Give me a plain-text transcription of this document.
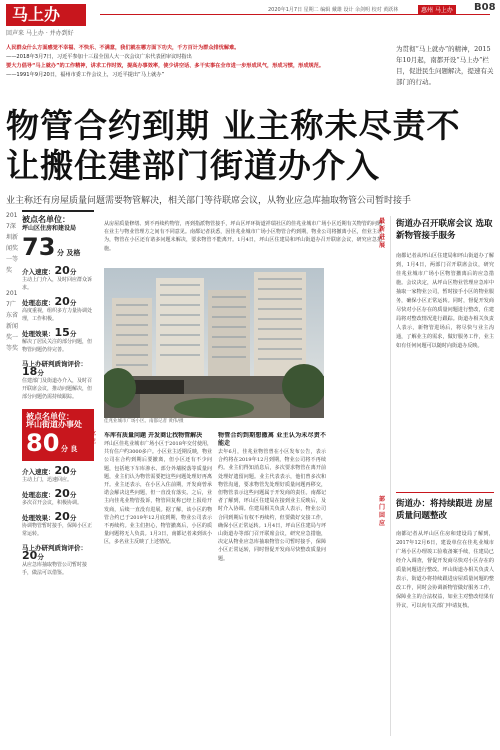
马上办
回声来 马上办 · 并办到好
2020年1月7日 星期二 编辑 戴雄 设计 余剑明 校对 黄跃林	惠州 马上办	B08
人民群众什么方面感觉不幸福、不快乐、不满意，我们就在哪方面下功夫，千方百计为群众排忧解难。
——2018年3月7日，习近平参加十三届全国人大一次会议广东代表团审议时指出
要大力倡导“马上就办”的工作精神，讲求工作时效，提高办事效率，使少讲空话、多干实事在全市进一步形成风气，形成习惯，形成规范。
——1991年9月20日，福州市委工作会议上，习近平提出“马上就办”
为贯彻“马上就办”的精神，2015年10月起，南都开设“马上办”栏目，促进民生问题解决，提速有关部门的行动。
物管合约到期 业主称未尽责不让搬住建部门街道办介入
业主称还有房屋质量问题需要物管解决，相关部门等待联席会议，从物业应急库抽取物管公司暂时接手
2017深圳新闻奖一等奖
2017广东省新闻奖一等奖
被点名单位：
坪山区住房和建设局
73 分 及格
介入速度：20分
主动上门介入，及时回应群众诉求。
处理态度：20分
高度重视，组织多方力量协调处理，工作积极。
处理效果：15分
解决了居民关注的部分问题，但物管问题仍待完善。
马上办研判质询评价：18分
住建部门及街道办介入，及时召开联席会议，推动问题解决，但部分问题仍需持续跟踪。
被点名单位：
坪山街道办事处
80 分 良
介入速度：20分
主动上门，迅速回应。
处理态度：20分
多次召开会议，积极协调。
处理效果：20分
协调物管暂时接手，保障小区正常运转。
马上办研判质询评价：20分
从应急库抽取物管公司暂时接手，做法可以借鉴。
从房屋质量修缮、到不再续约物管，再到指派物管接手，坪山区坪环街道祥瑞社区的佳兆业城市广场小区近期有关物管的问题在业主与物业管理方之间有不同意见。南都记者获悉，因佳兆业城市广场小区物管合约到期，物业公司将撤离小区，但业主认为，物管在小区还有诸多问题未解决，要求物管不能离开。1月4日，坪山区住建局和坪山街道办召开联席会议，研究应急措施。
佳兆业城市广场小区。南都记者 黄伟/摄
业主
车库有质量问题 开发商让找物管解决
坪山区佳兆业城市广场小区于2018年交付使用，共有住户约3000多户。小区业主近期反映，物业公司在合约到期后要撤离，但小区还有不少问题，包括地下车库渗水、部分外墙脱落等质量问题，业主们认为物管需要把这些问题处理好再离开。业主还表示，在小区入住前期，开发商曾承诺会解决这些问题，但一直没有落实。之后，业主向佳兆业物管投诉，物管回复称已经上报给开发商，后续一直没有进展。据了解，该小区的物管合约已于2019年12月底到期，物业公司表示不再续约。业主们担心，物管撤离后，小区的质量问题将无人负责。1月3日，南都记者来到该小区，多名业主反映了上述情况。
物管合约到期想撤离 业主认为未尽责不能走
去年6月，佳兆业物管曾在小区发布公告，表示合约将在2019年12月到期，物业公司将不再续约。业主们得知消息后，多次要求物管在离开前处理好遗留问题。业主代表表示，他们曾多次和物管沟通，要求物管先处理好质量问题再移交，但物管表示这些问题属于开发商的责任。南都记者了解到，坪山区住建局在接到业主反映后，及时介入协调。住建局相关负责人表示，物业公司合同到期后有权不再续约，但要做好交接工作，确保小区正常运转。1月4日，坪山区住建局与坪山街道办等部门召开联席会议，研究应急措施，决定从物业应急库抽取物管公司暂时接手，保障小区正常运转，同时督促开发商尽快整改质量问题。
最新进展
街道办召开联席会议 选取新物管接手服务
南都记者从坪山区住建局和坪山街道办了解到，1月4日，两部门召开联席会议，研究佳兆业城市广场小区物管撤离后的应急措施。会议决定，从坪山区物业管理应急库中抽取一家物业公司，暂时接手小区的物业服务，确保小区正常运转。同时，督促开发商尽快对小区存在的质量问题进行整改，住建局将对整改情况进行跟踪。街道办相关负责人表示，新物管进场后，将尽快与业主沟通，了解业主的需求，做好服务工作，业主如有任何问题可以随时向街道办反映。
部门回应
街道办：将持续跟进 房屋质量问题整改
南都记者从坪山区住房和建设局了解到，2017年12月6日，建设单位在佳兆业城市广场小区办理竣工验收备案手续，住建局已经介入调查，督促开发商尽快对小区存在的质量问题进行整改。坪山街道办相关负责人表示，街道办将持续跟进房屋质量问题的整改工作，同时会协调新物管做好服务工作，保障业主的合法权益，如业主对整改结果有异议，可以向有关部门申请复核。
